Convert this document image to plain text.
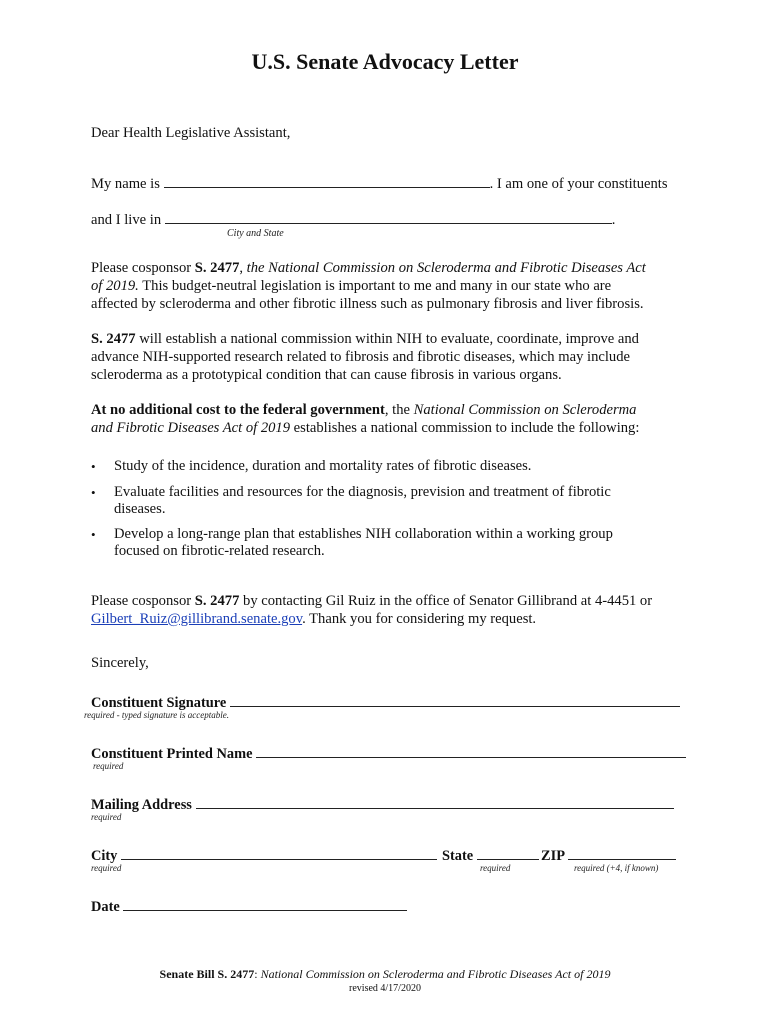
U.S. Senate Advocacy Letter
Dear Health Legislative Assistant,
My name is	. I am one of your constituents
and I live in	.
City and State
Please cosponsor S. 2477, the National Commission on Scleroderma and Fibrotic Diseases Act
of 2019. This budget-neutral legislation is important to me and many in our state who are
affected by scleroderma and other fibrotic illness such as pulmonary fibrosis and liver fibrosis.
S. 2477 will establish a national commission within NIH to evaluate, coordinate, improve and
advance NIH-supported research related to fibrosis and fibrotic diseases, which may include
scleroderma as a prototypical condition that can cause fibrosis in various organs.
At no additional cost to the federal government, the National Commission on Scleroderma
and Fibrotic Diseases Act of 2019 establishes a national commission to include the following:
• Study of the incidence, duration and mortality rates of fibrotic diseases.
• Evaluate facilities and resources for the diagnosis, prevision and treatment of fibrotic
diseases.
• Develop a long-range plan that establishes NIH collaboration within a working group
focused on fibrotic-related research.
Please cosponsor S. 2477 by contacting Gil Ruiz in the office of Senator Gillibrand at 4-4451 or
Gilbert_Ruiz@gillibrand.senate.gov. Thank you for considering my request.
Sincerely,
Constituent Signature
required - typed signature is acceptable.
Constituent Printed Name
required
Mailing Address
required
City	State	ZIP
required	required	required (+4, if known)
Date
Senate Bill S. 2477: National Commission on Scleroderma and Fibrotic Diseases Act of 2019
revised 4/17/2020
